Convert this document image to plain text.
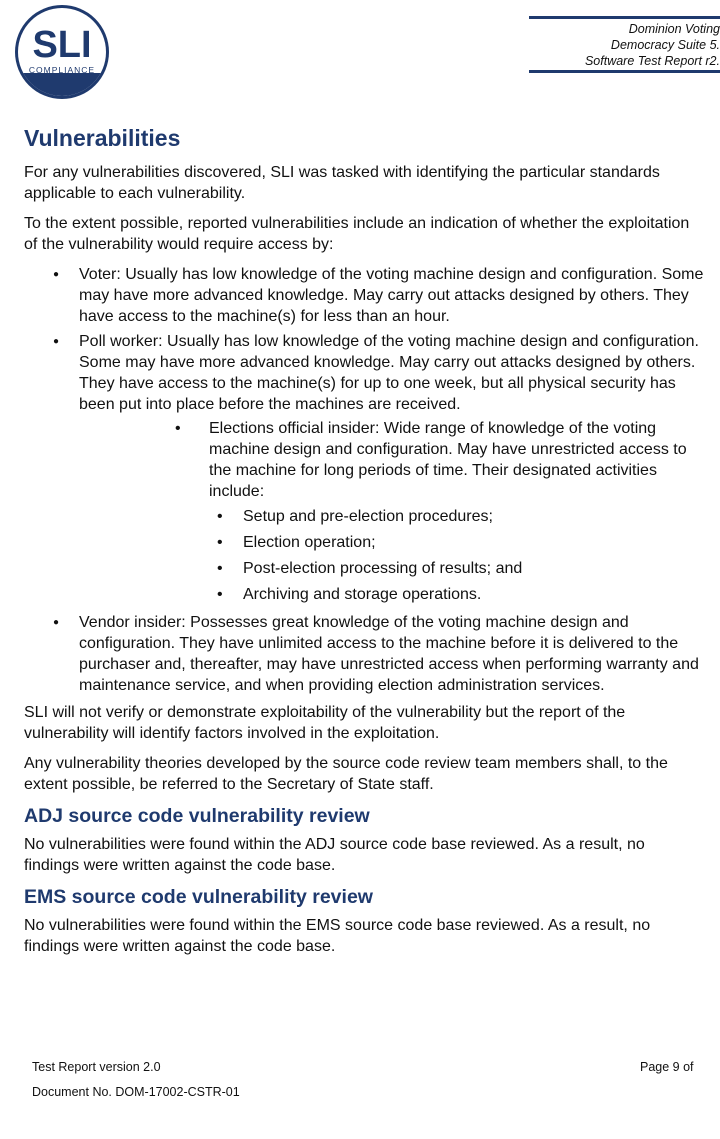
SLI
COMPLIANCE
Dominion Voting
Democracy Suite 5.
Software Test Report r2.
Vulnerabilities

For any vulnerabilities discovered, SLI was tasked with identifying the particular standards applicable to each vulnerability.

To the extent possible, reported vulnerabilities include an indication of whether the exploitation of the vulnerability would require access by:

● Voter: Usually has low knowledge of the voting machine design and configuration. Some may have more advanced knowledge. May carry out attacks designed by others. They have access to the machine(s) for less than an hour.
● Poll worker: Usually has low knowledge of the voting machine design and configuration. Some may have more advanced knowledge. May carry out attacks designed by others. They have access to the machine(s) for up to one week, but all physical security has been put into place before the machines are received.
• Elections official insider: Wide range of knowledge of the voting machine design and configuration. May have unrestricted access to the machine for long periods of time. Their designated activities include:
• Setup and pre-election procedures;
• Election operation;
• Post-election processing of results; and
• Archiving and storage operations.
● Vendor insider: Possesses great knowledge of the voting machine design and configuration. They have unlimited access to the machine before it is delivered to the purchaser and, thereafter, may have unrestricted access when performing warranty and maintenance service, and when providing election administration services.

SLI will not verify or demonstrate exploitability of the vulnerability but the report of the vulnerability will identify factors involved in the exploitation.

Any vulnerability theories developed by the source code review team members shall, to the extent possible, be referred to the Secretary of State staff.

ADJ source code vulnerability review

No vulnerabilities were found within the ADJ source code base reviewed. As a result, no findings were written against the code base.

EMS source code vulnerability review

No vulnerabilities were found within the EMS source code base reviewed. As a result, no findings were written against the code base.

Test Report version 2.0
Document No. DOM-17002-CSTR-01
Page 9 of
